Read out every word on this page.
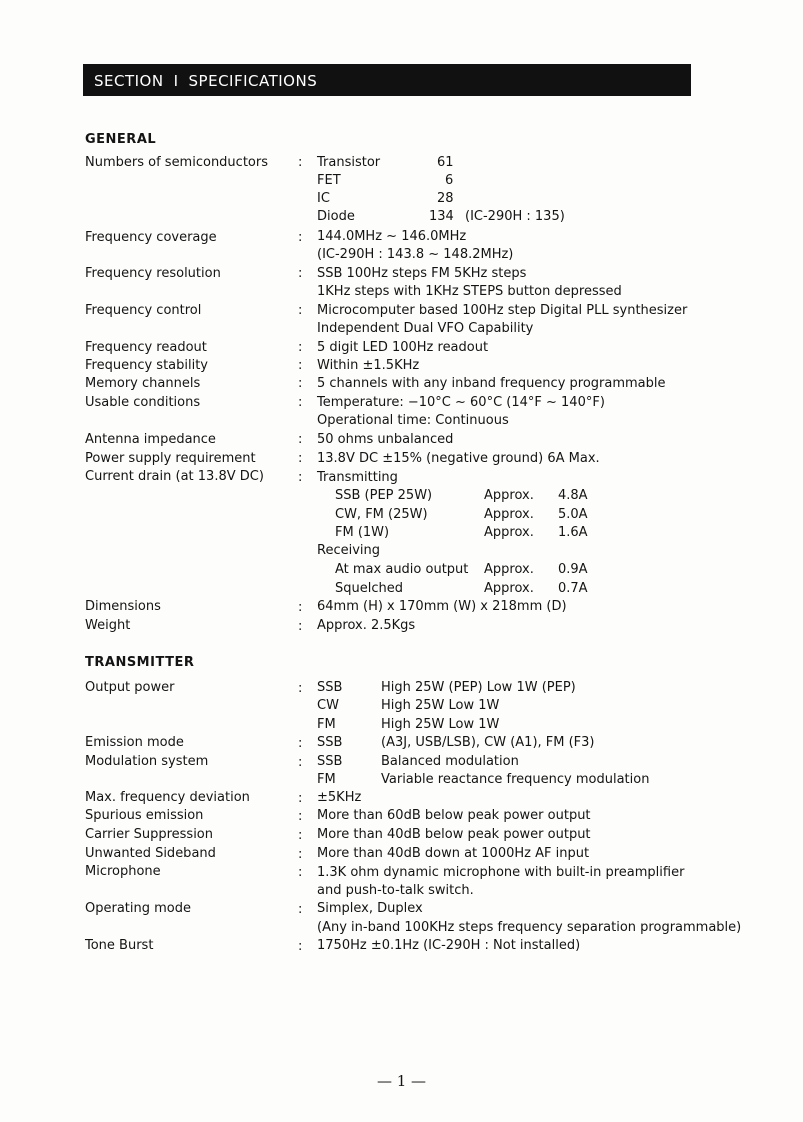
SECTION I SPECIFICATIONS
GENERAL
Numbers of semiconductors :	Transistor	61
FET	6
IC	28
Diode	134 (IC-290H : 135)
Frequency coverage	:	144.0MHz ~ 146.0MHz
(IC-290H : 143.8 ~ 148.2MHz)
Frequency resolution	:	SSB 100Hz steps FM 5KHz steps
1KHz steps with 1KHz STEPS button depressed
Frequency control	:	Microcomputer based 100Hz step Digital PLL synthesizer
Independent Dual VFO Capability
Frequency readout	:	5 digit LED 100Hz readout
Frequency stability	:	Within ±1.5KHz
Memory channels	:	5 channels with any inband frequency programmable
Usable conditions	:	Temperature: −10°C ~ 60°C (14°F ~ 140°F)
Operational time: Continuous
Antenna impedance	:	50 ohms unbalanced
Power supply requirement	:	13.8V DC ±15% (negative ground) 6A Max.
Current drain (at 13.8V DC)	:	Transmitting
SSB (PEP 25W)	Approx. 4.8A
CW, FM (25W)	Approx. 5.0A
FM (1W)	Approx. 1.6A
Receiving
At max audio output Approx. 0.9A
Squelched	Approx. 0.7A
Dimensions	:	64mm (H) x 170mm (W) x 218mm (D)
Weight	:	Approx. 2.5Kgs
TRANSMITTER
Output power	:	SSB	High 25W (PEP) Low 1W (PEP)
CW	High 25W Low 1W
FM	High 25W Low 1W
Emission mode	:	SSB	(A3J, USB/LSB), CW (A1), FM (F3)
Modulation system	:	SSB	Balanced modulation
FM	Variable reactance frequency modulation
Max. frequency deviation	:	±5KHz
Spurious emission	:	More than 60dB below peak power output
Carrier Suppression	:	More than 40dB below peak power output
Unwanted Sideband	:	More than 40dB down at 1000Hz AF input
Microphone	:	1.3K ohm dynamic microphone with built-in preamplifier
and push-to-talk switch.
Operating mode	:	Simplex, Duplex
(Any in-band 100KHz steps frequency separation programmable)
Tone Burst	:	1750Hz ±0.1Hz (IC-290H : Not installed)
— 1 —
